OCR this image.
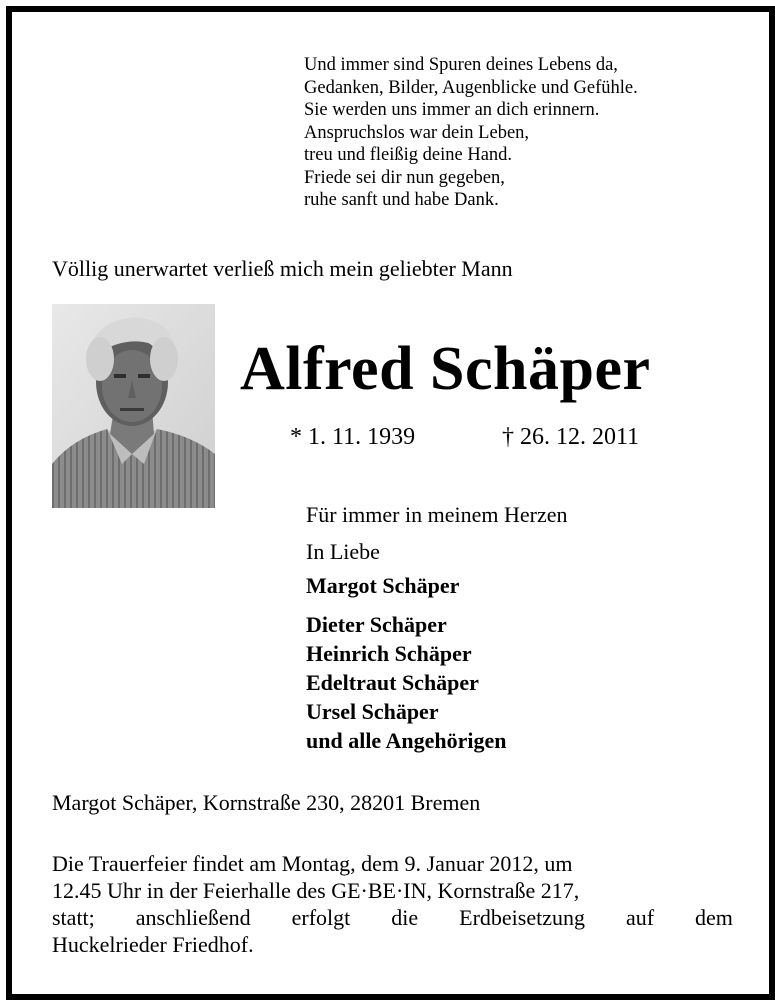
Und immer sind Spuren deines Lebens da,
Gedanken, Bilder, Augenblicke und Gefühle.
Sie werden uns immer an dich erinnern.
Anspruchslos war dein Leben,
treu und fleißig deine Hand.
Friede sei dir nun gegeben,
ruhe sanft und habe Dank.
Völlig unerwartet verließ mich mein geliebter Mann
Alfred Schäper
* 1. 11. 1939	† 26. 12. 2011
Für immer in meinem Herzen
In Liebe
Margot Schäper
Dieter Schäper
Heinrich Schäper
Edeltraut Schäper
Ursel Schäper
und alle Angehörigen
Margot Schäper, Kornstraße 230, 28201 Bremen
Die Trauerfeier findet am Montag, dem 9. Januar 2012, um
12.45 Uhr in der Feierhalle des GE·BE·IN, Kornstraße 217,
statt; anschließend erfolgt die Erdbeisetzung auf dem
Huckelrieder Friedhof.
